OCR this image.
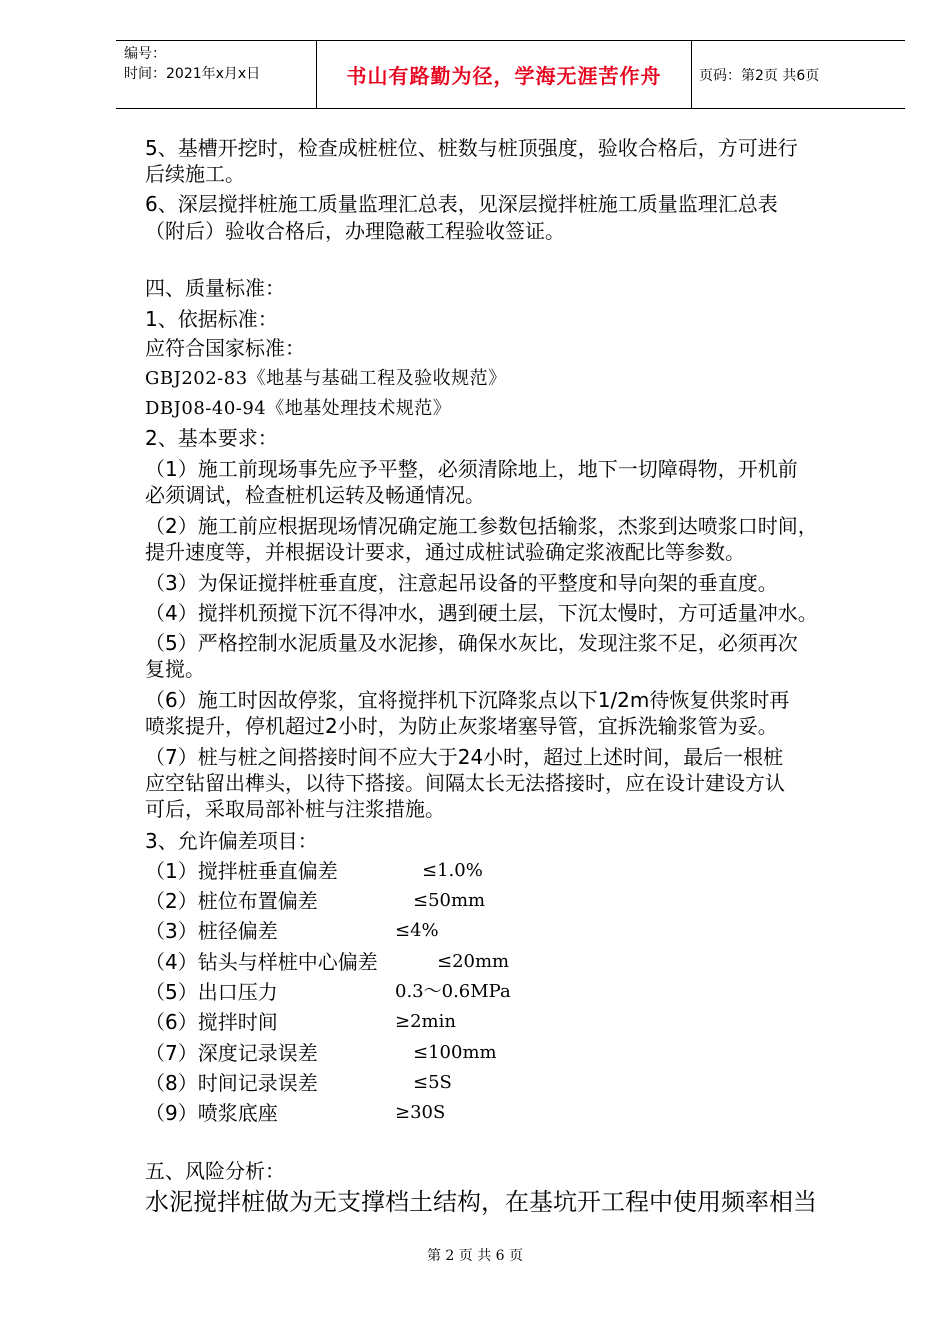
编号：
时间：2021年x月x日	书山有路勤为径，学海无涯苦作舟	页码：第2页 共6页
5、基槽开挖时，检查成桩桩位、桩数与桩顶强度，验收合格后，方可进行
后续施工。
6、深层搅拌桩施工质量监理汇总表，见深层搅拌桩施工质量监理汇总表
（附后）验收合格后，办理隐蔽工程验收签证。
四、质量标准：
1、依据标准：
应符合国家标准：
GBJ202-83《地基与基础工程及验收规范》
DBJ08-40-94《地基处理技术规范》
2、基本要求：
（1）施工前现场事先应予平整，必须清除地上，地下一切障碍物，开机前
必须调试，检查桩机运转及畅通情况。
（2）施工前应根据现场情况确定施工参数包括输浆，杰浆到达喷浆口时间，
提升速度等，并根据设计要求，通过成桩试验确定浆液配比等参数。
（3）为保证搅拌桩垂直度，注意起吊设备的平整度和导向架的垂直度。
（4）搅拌机预搅下沉不得冲水，遇到硬土层，下沉太慢时，方可适量冲水。
（5）严格控制水泥质量及水泥掺，确保水灰比，发现注浆不足，必须再次
复搅。
（6）施工时因故停浆，宜将搅拌机下沉降浆点以下1/2m待恢复供浆时再
喷浆提升，停机超过2小时，为防止灰浆堵塞导管，宜拆洗输浆管为妥。
（7）桩与桩之间搭接时间不应大于24小时，超过上述时间，最后一根桩
应空钻留出榫头，以待下搭接。间隔太长无法搭接时，应在设计建设方认
可后，采取局部补桩与注浆措施。
3、允许偏差项目：
（1）搅拌桩垂直偏差	≤1.0%
（2）桩位布置偏差	≤50mm
（3）桩径偏差	≤4%
（4）钻头与样桩中心偏差	≤20mm
（5）出口压力	0.3～0.6MPa
（6）搅拌时间	≥2min
（7）深度记录误差	≤100mm
（8）时间记录误差	≤5S
（9）喷浆底座	≥30S
五、风险分析：
水泥搅拌桩做为无支撑档土结构，在基坑开工程中使用频率相当
第 2 页 共 6 页
